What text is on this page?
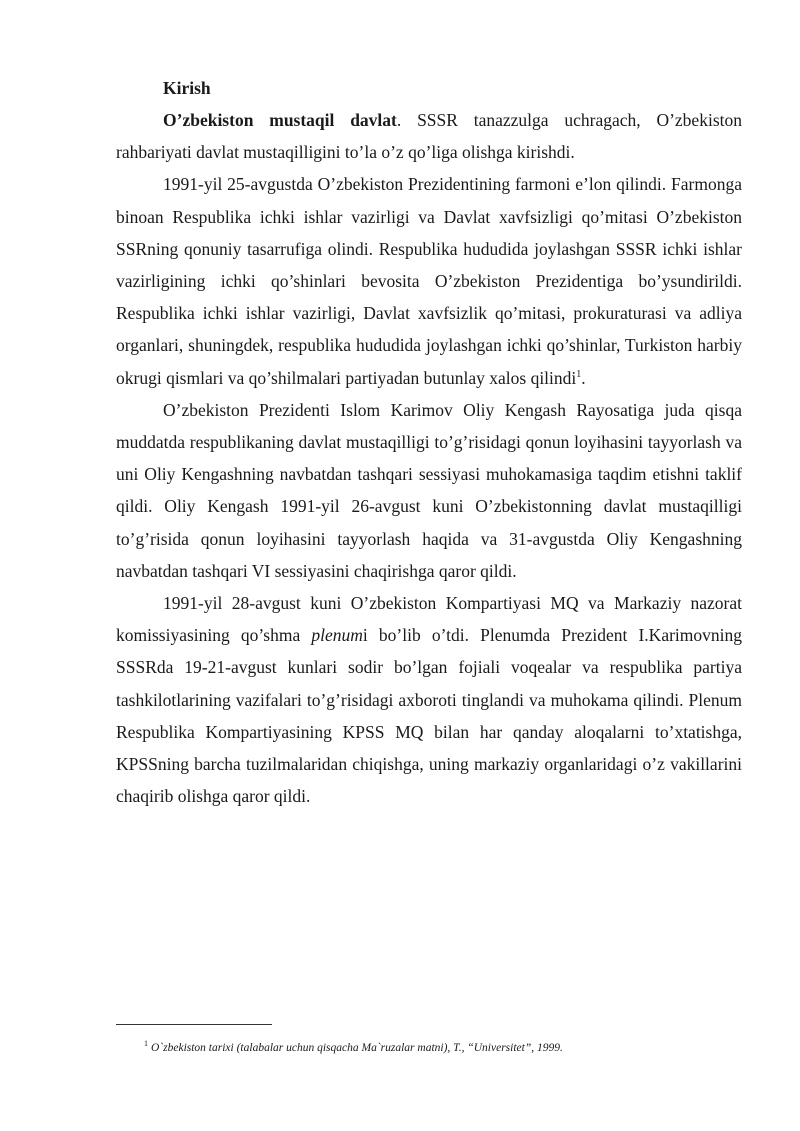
Kirish

O’zbekiston mustaqil davlat. SSSR tanazzulga uchragach, O’zbekiston rahbariyati davlat mustaqilligini to’la o’z qo’liga olishga kirishdi.

1991-yil 25-avgustda O’zbekiston Prezidentining farmoni e’lon qilindi. Farmonga binoan Respublika ichki ishlar vazirligi va Davlat xavfsizligi qo’mitasi O’zbekiston SSRning qonuniy tasarrufiga olindi. Respublika hududida joylashgan SSSR ichki ishlar vazirligining ichki qo’shinlari bevosita O’zbekiston Prezidentiga bo’ysundirildi. Respublika ichki ishlar vazirligi, Davlat xavfsizlik qo’mitasi, prokuraturasi va adliya organlari, shuningdek, respublika hududida joylashgan ichki qo’shinlar, Turkiston harbiy okrugi qismlari va qo’shilmalari partiyadan butunlay xalos qilindi$^1$.

O’zbekiston Prezidenti Islom Karimov Oliy Kengash Rayosatiga juda qisqa muddatda respublikaning davlat mustaqilligi to’g’risidagi qonun loyihasini tayyorlash va uni Oliy Kengashning navbatdan tashqari sessiyasi muhokamasiga taqdim etishni taklif qildi. Oliy Kengash 1991-yil 26-avgust kuni O’zbekistonning davlat mustaqilligi to’g’risida qonun loyihasini tayyorlash haqida va 31-avgustda Oliy Kengashning navbatdan tashqari VI sessiyasini chaqirishga qaror qildi.

1991-yil 28-avgust kuni O’zbekiston Kompartiyasi MQ va Markaziy nazorat komissiyasining qo’shma plenumi bo’lib o’tdi. Plenumda Prezident I.Karimovning SSSRda 19-21-avgust kunlari sodir bo’lgan fojiali voqealar va respublika partiya tashkilotlarining vazifalari to’g’risidagi axboroti tinglandi va muhokama qilindi. Plenum Respublika Kompartiyasining KPSS MQ bilan har qanday aloqalarni to’xtatishga, KPSSning barcha tuzilmalaridan chiqishga, uning markaziy organlaridagi o’z vakillarini chaqirib olishga qaror qildi.

$^1$ O`zbekiston tarixi (talabalar uchun qisqacha Ma`ruzalar matni), T., “Universitet”, 1999.
